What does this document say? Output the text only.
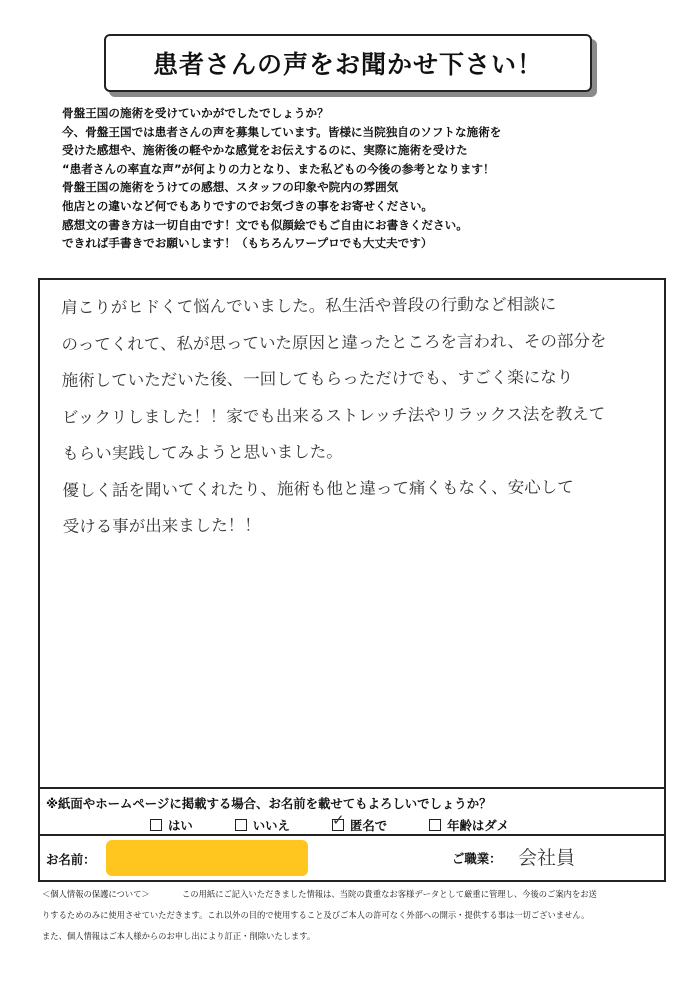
患者さんの声をお聞かせ下さい！
骨盤王国の施術を受けていかがでしたでしょうか？
今、骨盤王国では患者さんの声を募集しています。皆様に当院独自のソフトな施術を
受けた感想や、施術後の軽やかな感覚をお伝えするのに、実際に施術を受けた
“患者さんの率直な声”が何よりの力となり、また私どもの今後の参考となります！
骨盤王国の施術をうけての感想、スタッフの印象や院内の雰囲気
他店との違いなど何でもありですのでお気づきの事をお寄せください。
感想文の書き方は一切自由です！文でも似顔絵でもご自由にお書きください。
できれば手書きでお願いします！（もちろんワープロでも大丈夫です）
肩こりがヒドくて悩んでいました。私生活や普段の行動など相談に
のってくれて、私が思っていた原因と違ったところを言われ、その部分を
施術していただいた後、一回してもらっただけでも、すごく楽になり
ビックリしました！！家でも出来るストレッチ法やリラックス法を教えて
もらい実践してみようと思いました。
優しく話を聞いてくれたり、施術も他と違って痛くもなく、安心して
受ける事が出来ました！！
※紙面やホームページに掲載する場合、お名前を載せてもよろしいでしょうか？
はい	いいえ	✓ 匿名で	年齢はダメ
お名前：	ご職業： 会社員
＜個人情報の保護について＞	この用紙にご記入いただきました情報は、当院の貴重なお客様データとして厳重に管理し、今後のご案内をお送
りするためのみに使用させていただきます。これ以外の目的で使用すること及びご本人の許可なく外部への開示・提供する事は一切ございません。
また、個人情報はご本人様からのお申し出により訂正・削除いたします。
